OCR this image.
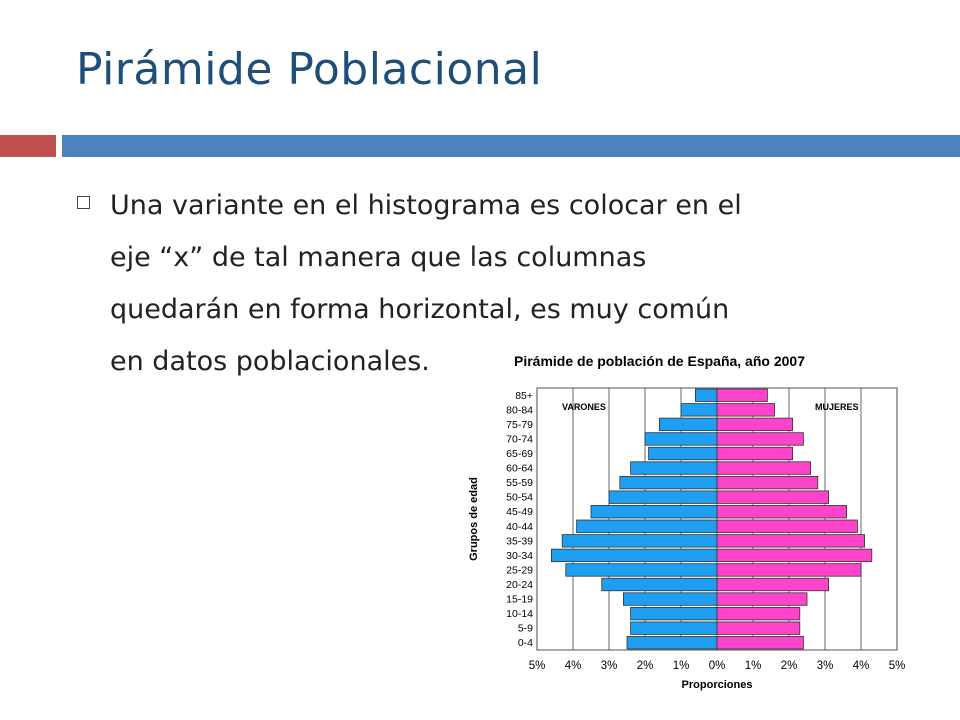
Pirámide Poblacional
Una variante en el histograma es colocar en el
eje “x” de tal manera que las columnas
quedarán en forma horizontal, es muy común
en datos poblacionales.	Pirámide de población de España, año 2007
85+
80-84
75-79
70-74
65-69
60-64
55-59
50-54
45-49
40-44
35-39
30-34
25-29
20-24
15-19
10-14
5-9
0-4
VARONES	MUJERES
5% 4% 3% 2% 1% 0% 1% 2% 3% 4% 5%
Proporciones
Grupos de edad
